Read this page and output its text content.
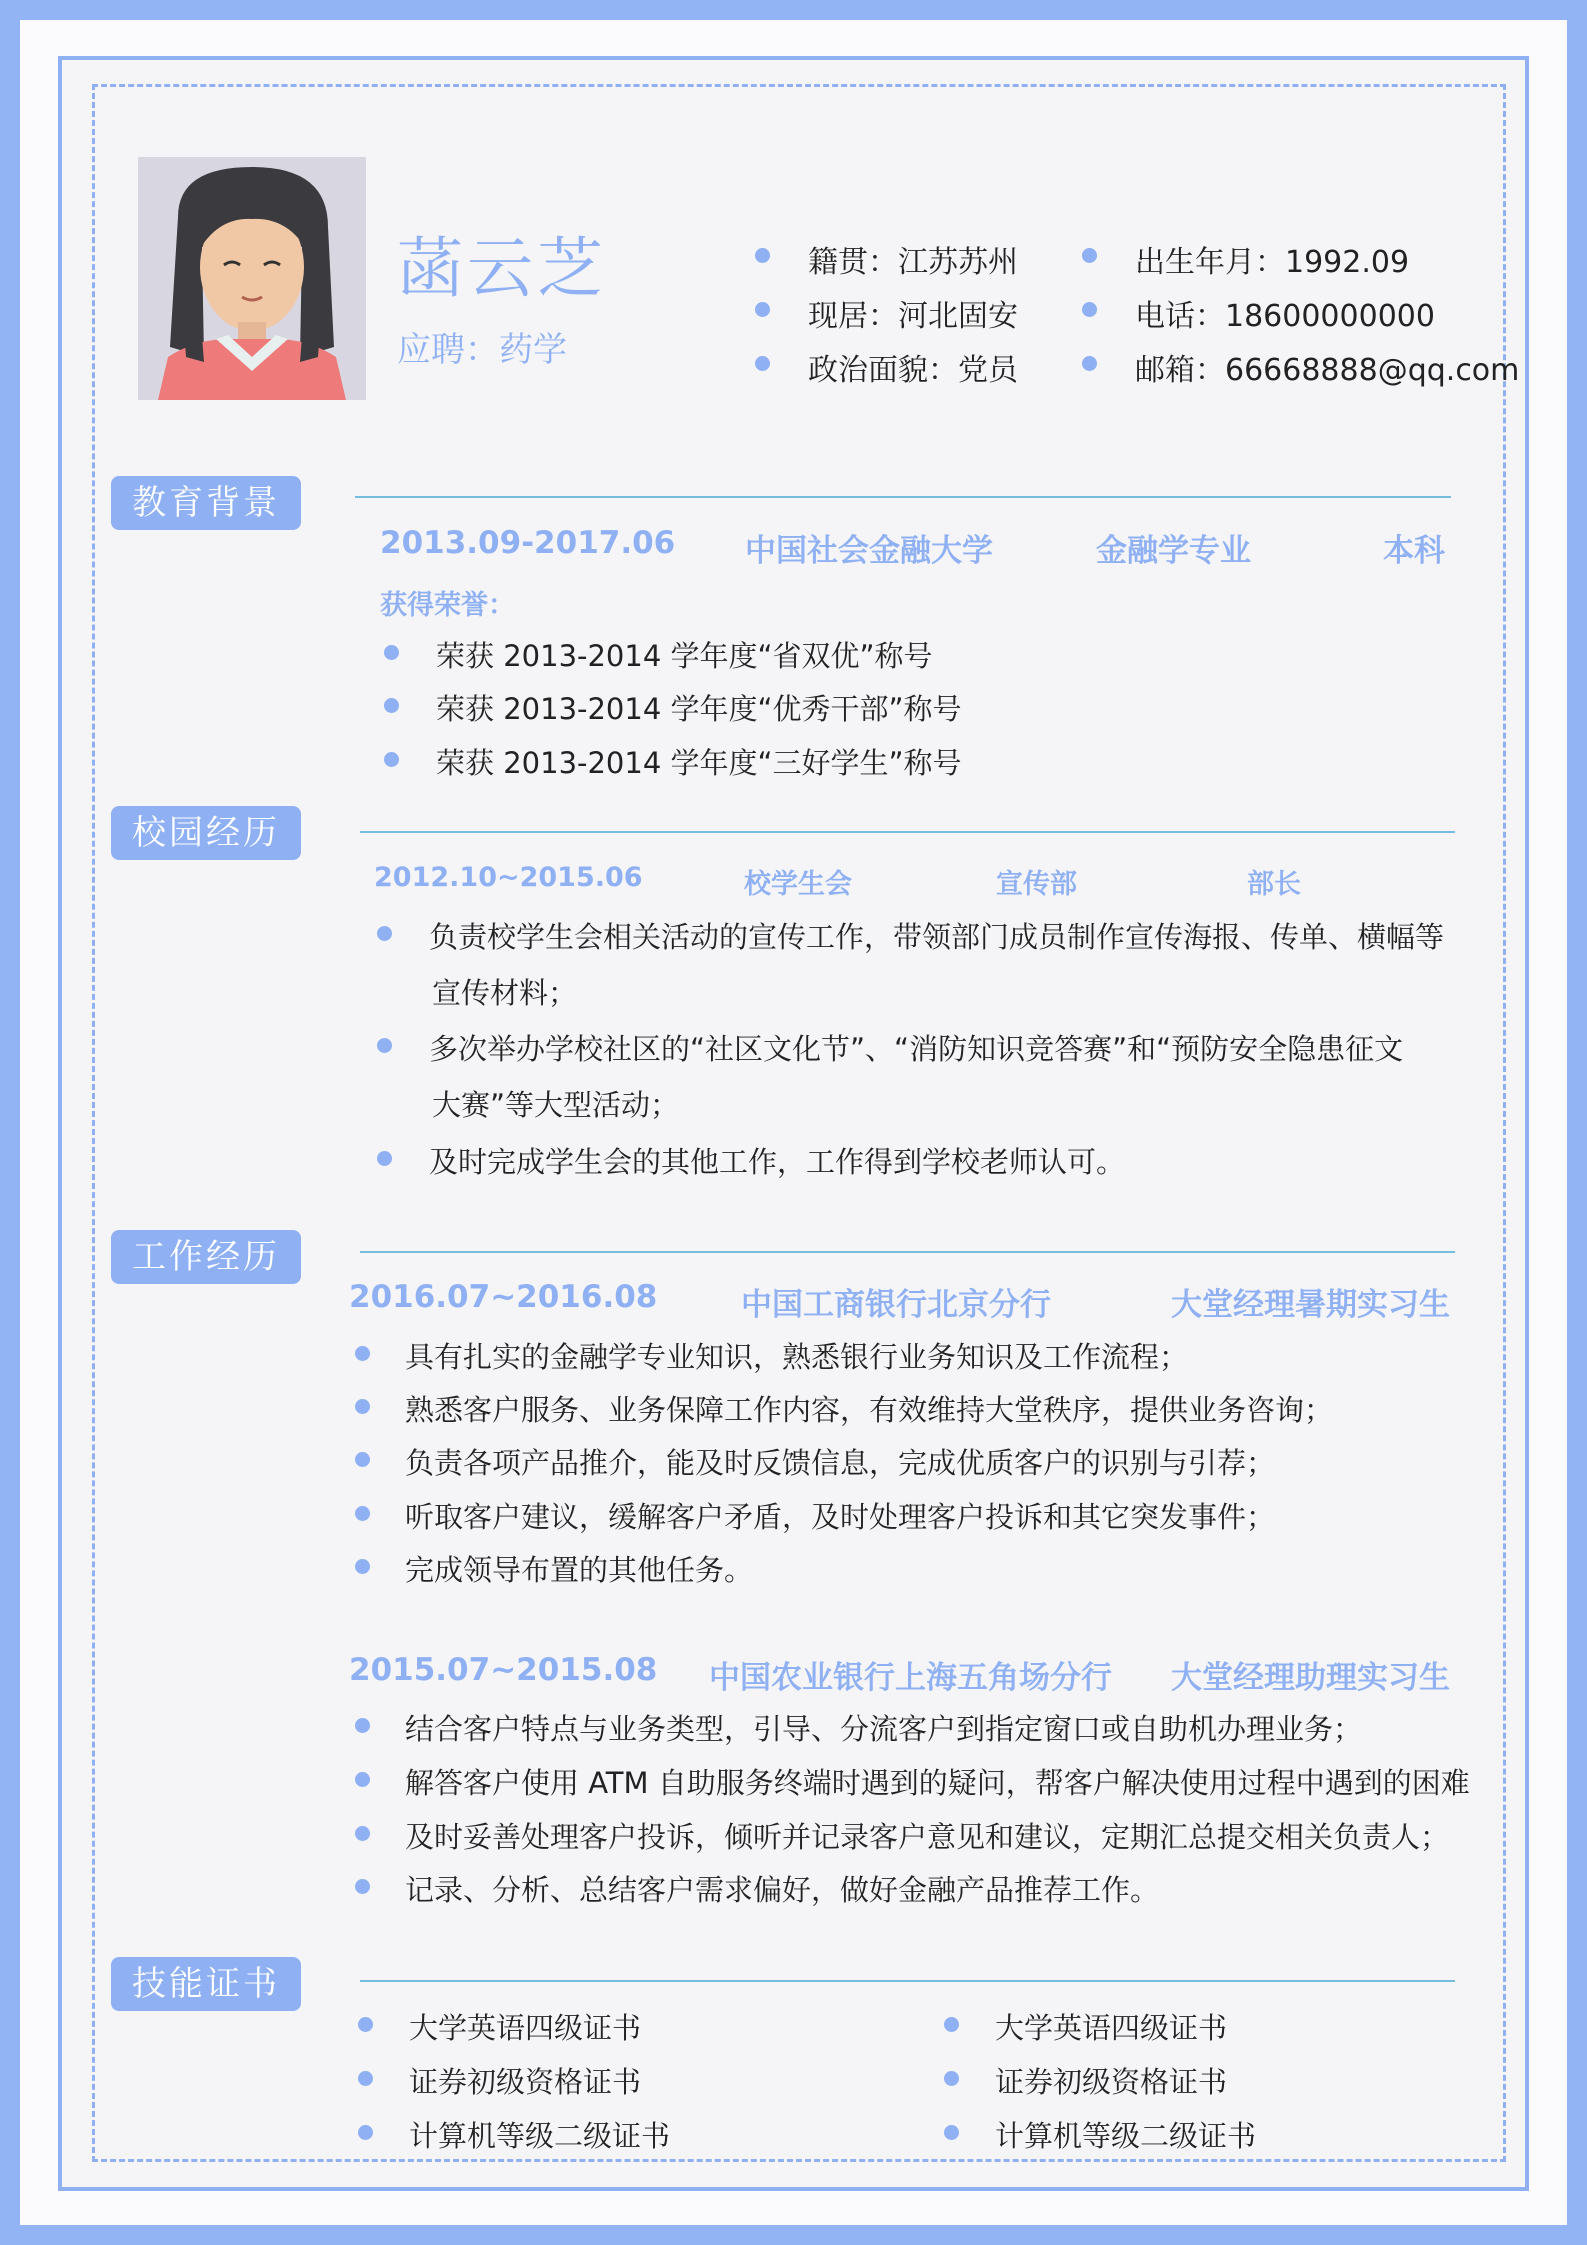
菡云芝
应聘：药学
籍贯：江苏苏州
现居：河北固安
政治面貌：党员
出生年月：1992.09
电话：18600000000
邮箱：66668888@qq.com
教育背景
2013.09-2017.06 中国社会金融大学	金融学专业	本科
获得荣誉：
荣获 2013-2014 学年度“省双优”称号
荣获 2013-2014 学年度“优秀干部”称号
荣获 2013-2014 学年度“三好学生”称号
校园经历
2012.10~2015.06	校学生会	宣传部	部长
负责校学生会相关活动的宣传工作，带领部门成员制作宣传海报、传单、横幅等
宣传材料；
多次举办学校社区的“社区文化节”、“消防知识竞答赛”和“预防安全隐患征文
大赛”等大型活动；
及时完成学生会的其他工作，工作得到学校老师认可。
工作经历
2016.07~2016.08	中国工商银行北京分行	大堂经理暑期实习生
具有扎实的金融学专业知识，熟悉银行业务知识及工作流程；
熟悉客户服务、业务保障工作内容，有效维持大堂秩序，提供业务咨询；
负责各项产品推介，能及时反馈信息，完成优质客户的识别与引荐；
听取客户建议，缓解客户矛盾，及时处理客户投诉和其它突发事件；
完成领导布置的其他任务。
2015.07~2015.08 中国农业银行上海五角场分行 大堂经理助理实习生
结合客户特点与业务类型，引导、分流客户到指定窗口或自助机办理业务；
解答客户使用 ATM 自助服务终端时遇到的疑问，帮客户解决使用过程中遇到的困难
及时妥善处理客户投诉，倾听并记录客户意见和建议，定期汇总提交相关负责人；
记录、分析、总结客户需求偏好，做好金融产品推荐工作。
技能证书
大学英语四级证书
证券初级资格证书
计算机等级二级证书
大学英语四级证书
证券初级资格证书
计算机等级二级证书
